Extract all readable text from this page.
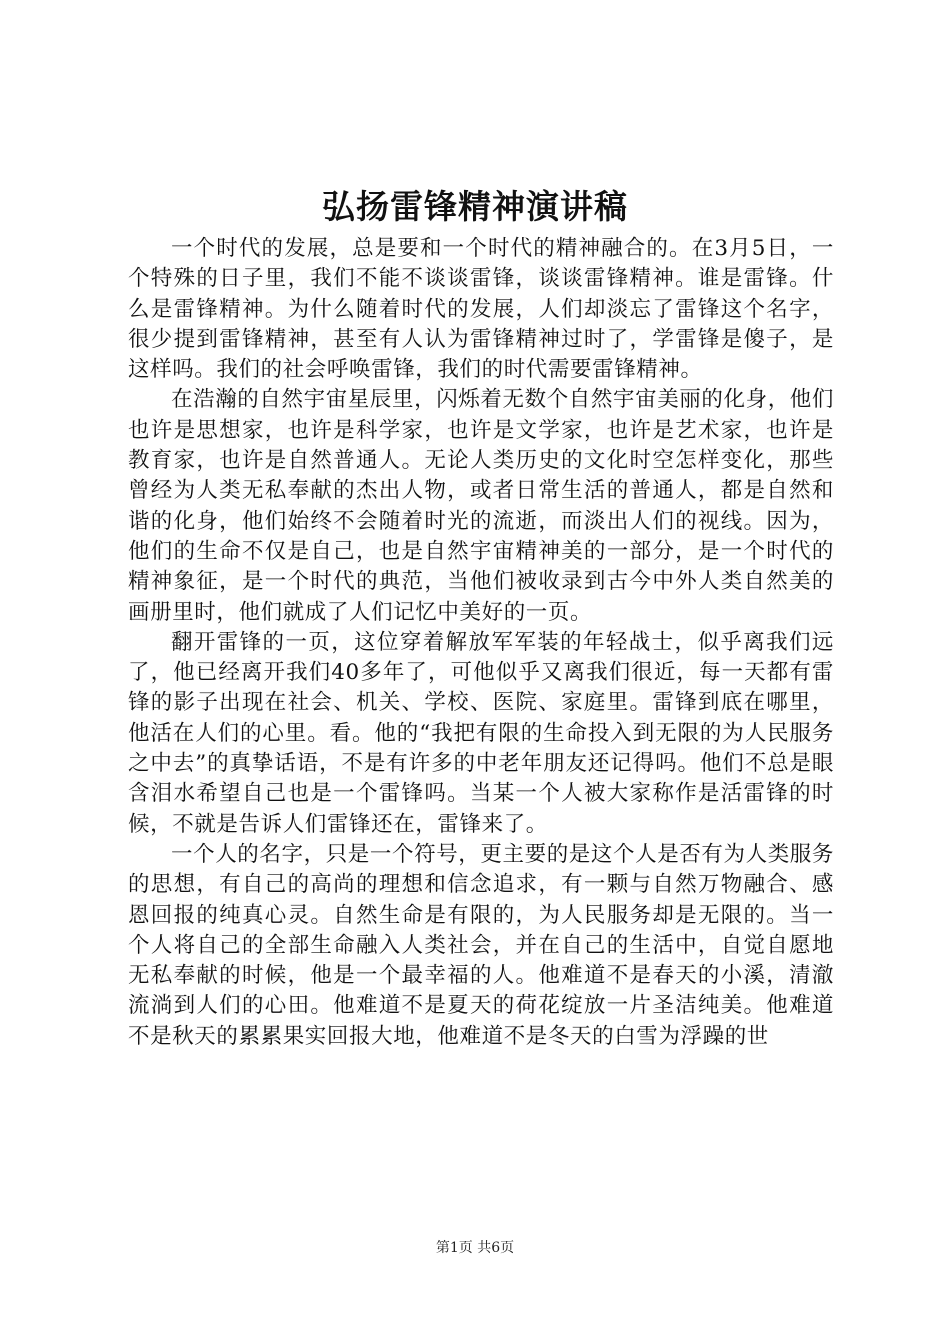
弘扬雷锋精神演讲稿

一个时代的发展，总是要和一个时代的精神融合的。在3月5日，一个特殊的日子里，我们不能不谈谈雷锋，谈谈雷锋精神。谁是雷锋。什么是雷锋精神。为什么随着时代的发展，人们却淡忘了雷锋这个名字，很少提到雷锋精神，甚至有人认为雷锋精神过时了，学雷锋是傻子，是这样吗。我们的社会呼唤雷锋，我们的时代需要雷锋精神。

在浩瀚的自然宇宙星辰里，闪烁着无数个自然宇宙美丽的化身，他们也许是思想家，也许是科学家，也许是文学家，也许是艺术家，也许是教育家，也许是自然普通人。无论人类历史的文化时空怎样变化，那些曾经为人类无私奉献的杰出人物，或者日常生活的普通人，都是自然和谐的化身，他们始终不会随着时光的流逝，而淡出人们的视线。因为，他们的生命不仅是自己，也是自然宇宙精神美的一部分，是一个时代的精神象征，是一个时代的典范，当他们被收录到古今中外人类自然美的画册里时，他们就成了人们记忆中美好的一页。

翻开雷锋的一页，这位穿着解放军军装的年轻战士，似乎离我们远了，他已经离开我们40多年了，可他似乎又离我们很近，每一天都有雷锋的影子出现在社会、机关、学校、医院、家庭里。雷锋到底在哪里，他活在人们的心里。看。他的“我把有限的生命投入到无限的为人民服务之中去”的真挚话语，不是有许多的中老年朋友还记得吗。他们不总是眼含泪水希望自己也是一个雷锋吗。当某一个人被大家称作是活雷锋的时候，不就是告诉人们雷锋还在，雷锋来了。

一个人的名字，只是一个符号，更主要的是这个人是否有为人类服务的思想，有自己的高尚的理想和信念追求，有一颗与自然万物融合、感恩回报的纯真心灵。自然生命是有限的，为人民服务却是无限的。当一个人将自己的全部生命融入人类社会，并在自己的生活中，自觉自愿地无私奉献的时候，他是一个最幸福的人。他难道不是春天的小溪，清澈流淌到人们的心田。他难道不是夏天的荷花绽放一片圣洁纯美。他难道不是秋天的累累果实回报大地，他难道不是冬天的白雪为浮躁的世

第1页 共6页
